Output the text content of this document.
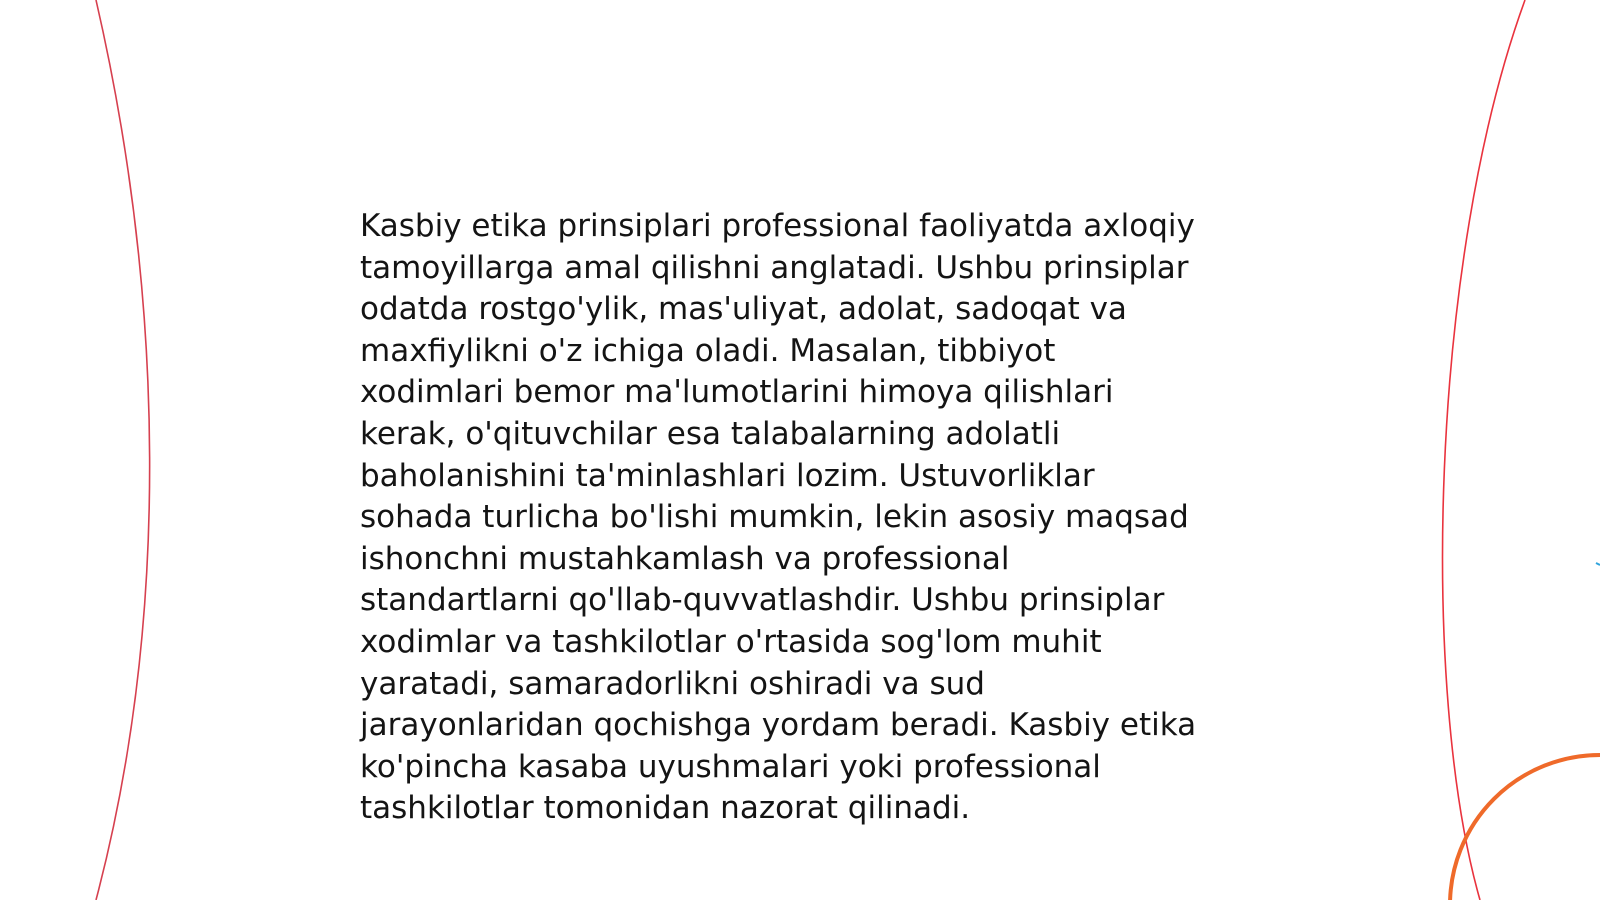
Kasbiy etika prinsiplari professional faoliyatda axloqiy
tamoyillarga amal qilishni anglatadi. Ushbu prinsiplar
odatda rostgo'ylik, mas'uliyat, adolat, sadoqat va
maxfiylikni o'z ichiga oladi. Masalan, tibbiyot
xodimlari bemor ma'lumotlarini himoya qilishlari
kerak, o'qituvchilar esa talabalarning adolatli
baholanishini ta'minlashlari lozim. Ustuvorliklar
sohada turlicha bo'lishi mumkin, lekin asosiy maqsad
ishonchni mustahkamlash va professional
standartlarni qo'llab-quvvatlashdir. Ushbu prinsiplar
xodimlar va tashkilotlar o'rtasida sog'lom muhit
yaratadi, samaradorlikni oshiradi va sud
jarayonlaridan qochishga yordam beradi. Kasbiy etika
ko'pincha kasaba uyushmalari yoki professional
tashkilotlar tomonidan nazorat qilinadi.
